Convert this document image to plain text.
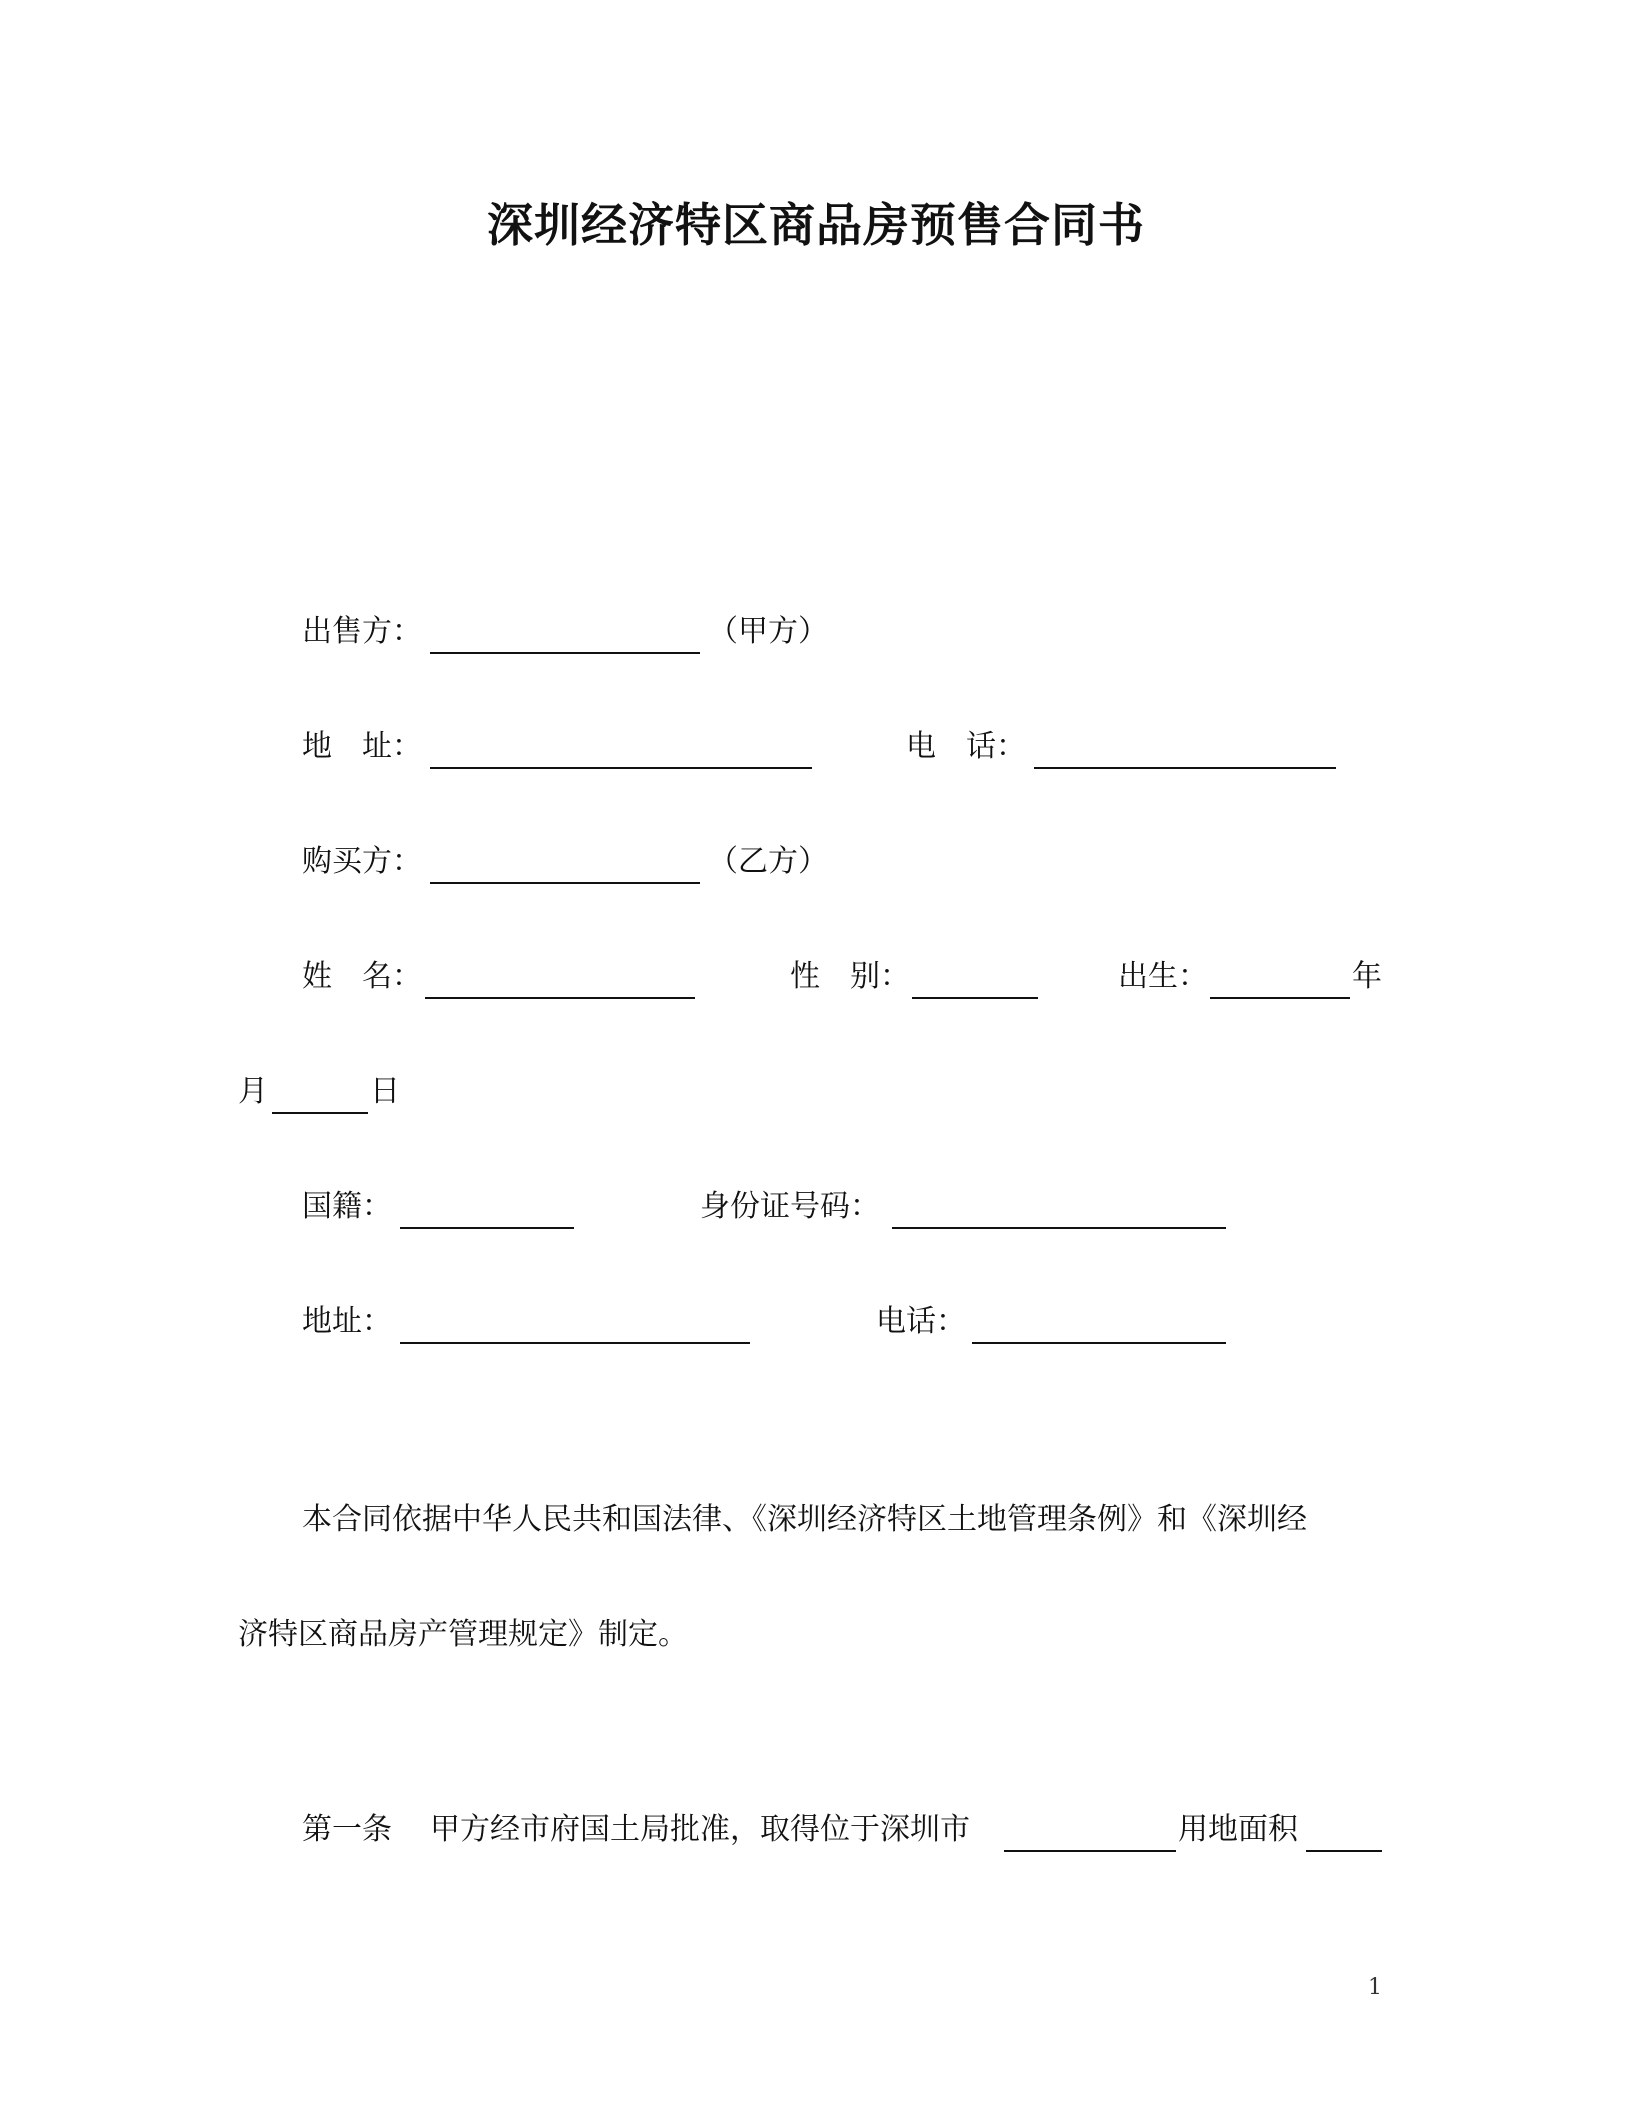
深圳经济特区商品房预售合同书
出售方：	（甲方）
地　址：	电　话：
购买方：	（乙方）
姓　名：	性　别：	出生：	年
月	日
国籍：	身份证号码：
地址：	电话：
本合同依据中华人民共和国法律、《深圳经济特区土地管理条例》和《深圳经
济特区商品房产管理规定》制定。
第一条 甲方经市府国土局批准，取得位于深圳市	用地面积
1
